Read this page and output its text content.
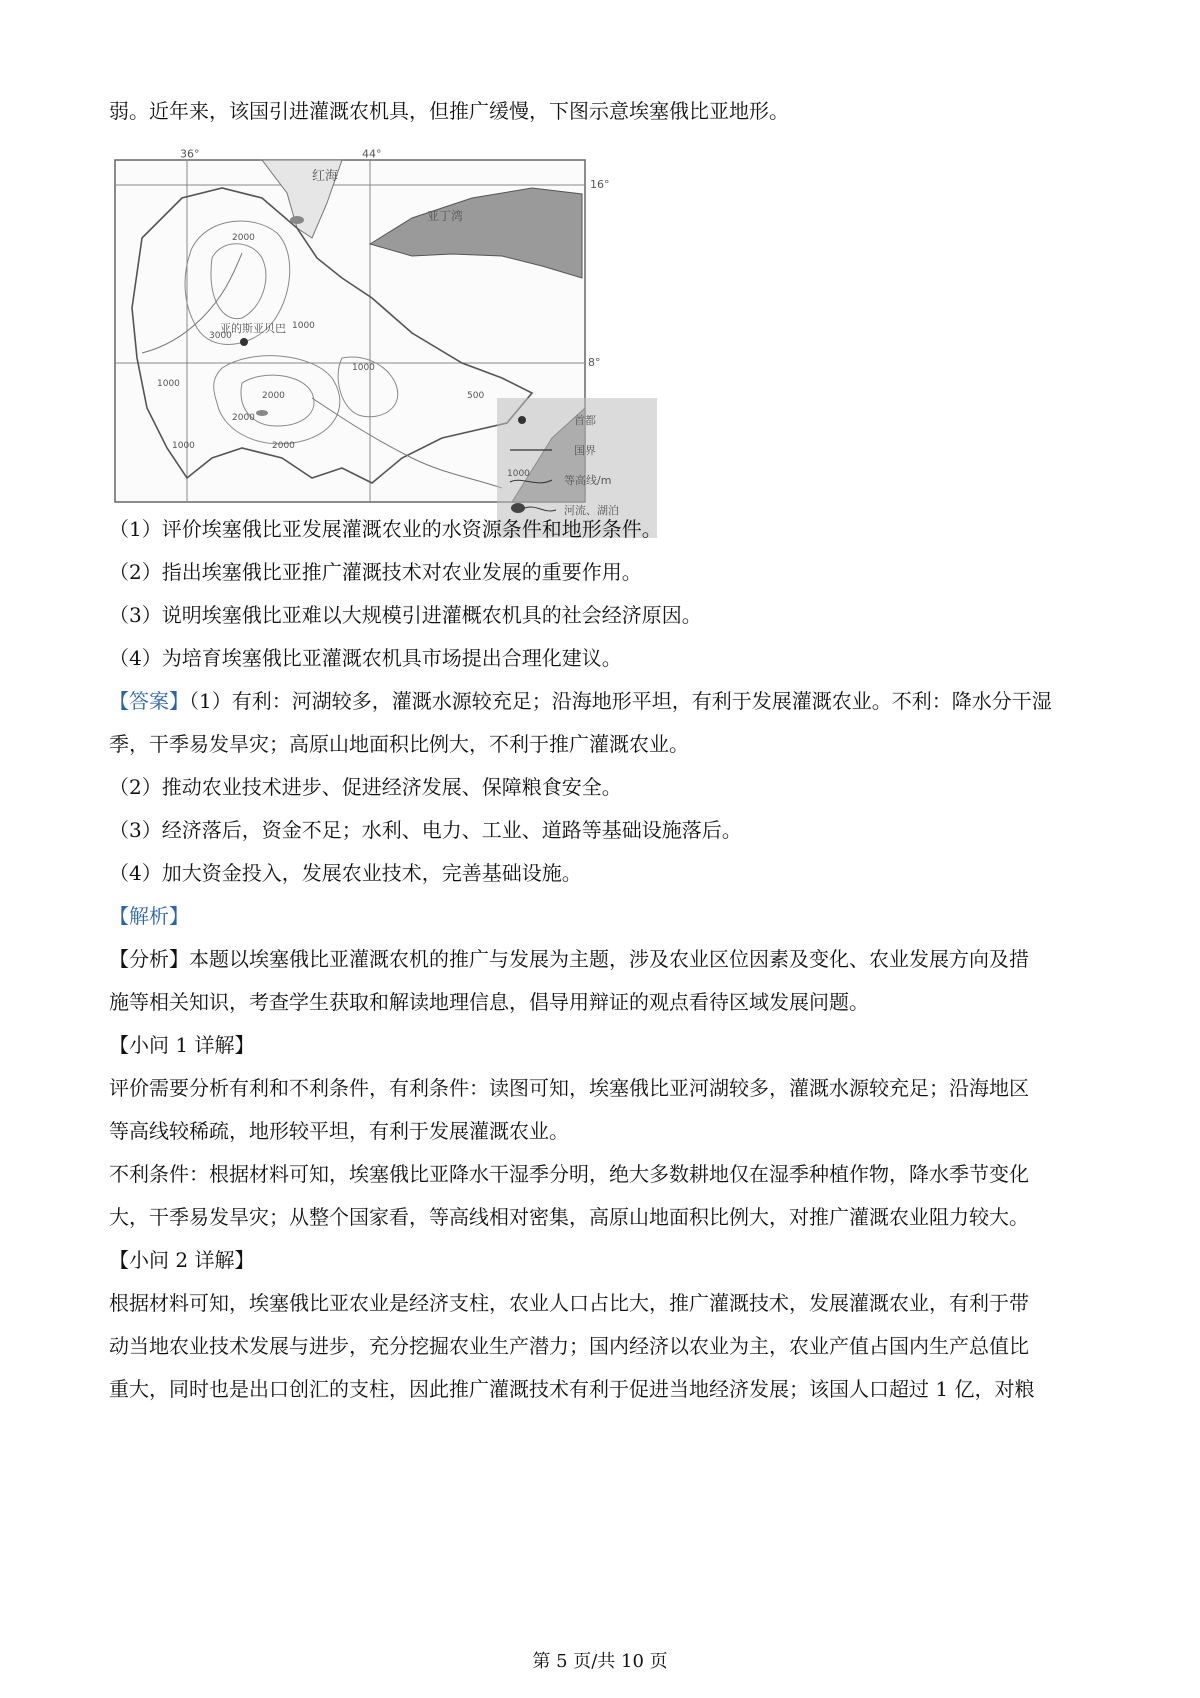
弱。近年来，该国引进灌溉农机具，但推广缓慢，下图示意埃塞俄比亚地形。
36°	44°
16°
8°
红海
亚丁湾
亚的斯亚贝巴
2000
1000
3000
2000
1000
2000
1000
2000
1000
500
首都
国界
1000	等高线/m
河流、湖泊
（1）评价埃塞俄比亚发展灌溉农业的水资源条件和地形条件。
（2）指出埃塞俄比亚推广灌溉技术对农业发展的重要作用。
（3）说明埃塞俄比亚难以大规模引进灌概农机具的社会经济原因。
（4）为培育埃塞俄比亚灌溉农机具市场提出合理化建议。
【答案】（1）有利：河湖较多，灌溉水源较充足；沿海地形平坦，有利于发展灌溉农业。不利：降水分干湿
季，干季易发旱灾；高原山地面积比例大，不利于推广灌溉农业。
（2）推动农业技术进步、促进经济发展、保障粮食安全。
（3）经济落后，资金不足；水利、电力、工业、道路等基础设施落后。
（4）加大资金投入，发展农业技术，完善基础设施。
【解析】
【分析】本题以埃塞俄比亚灌溉农机的推广与发展为主题，涉及农业区位因素及变化、农业发展方向及措
施等相关知识，考查学生获取和解读地理信息，倡导用辩证的观点看待区域发展问题。
【小问 1 详解】
评价需要分析有利和不利条件，有利条件：读图可知，埃塞俄比亚河湖较多，灌溉水源较充足；沿海地区
等高线较稀疏，地形较平坦，有利于发展灌溉农业。
不利条件：根据材料可知，埃塞俄比亚降水干湿季分明，绝大多数耕地仅在湿季种植作物，降水季节变化
大，干季易发旱灾；从整个国家看，等高线相对密集，高原山地面积比例大，对推广灌溉农业阻力较大。
【小问 2 详解】
根据材料可知，埃塞俄比亚农业是经济支柱，农业人口占比大，推广灌溉技术，发展灌溉农业，有利于带
动当地农业技术发展与进步，充分挖掘农业生产潜力；国内经济以农业为主，农业产值占国内生产总值比
重大，同时也是出口创汇的支柱，因此推广灌溉技术有利于促进当地经济发展；该国人口超过 1 亿，对粮
第 5 页/共 10 页
